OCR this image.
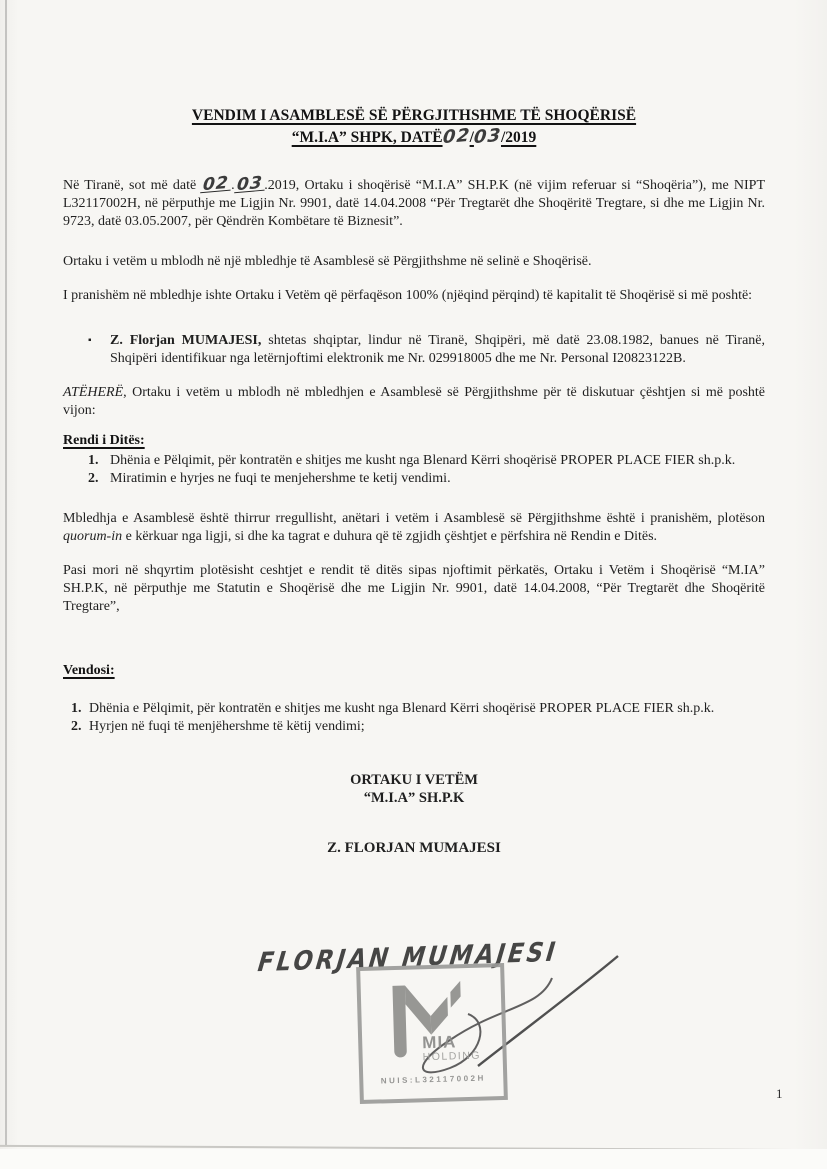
VENDIM I ASAMBLESË SË PËRGJITHSHME TË SHOQËRISË
“M.I.A” SHPK, DATË02/03/2019

Në Tiranë, sot më datë 02.03.2019, Ortaku i shoqërisë “M.I.A” SH.P.K (në vijim referuar si “Shoqëria”), me NIPT L32117002H, në përputhje me Ligjin Nr. 9901, datë 14.04.2008 “Për Tregtarët dhe Shoqëritë Tregtare, si dhe me Ligjin Nr. 9723, datë 03.05.2007, për Qëndrën Kombëtare të Biznesit”.

Ortaku i vetëm u mblodh në një mbledhje të Asamblesë së Përgjithshme në selinë e Shoqërisë.

I pranishëm në mbledhje ishte Ortaku i Vetëm që përfaqëson 100% (njëqind përqind) të kapitalit të Shoqërisë si më poshtë:

▪	Z. Florjan MUMAJESI, shtetas shqiptar, lindur në Tiranë, Shqipëri, më datë 23.08.1982, banues në Tiranë, Shqipëri identifikuar nga letërnjoftimi elektronik me Nr. 029918005 dhe me Nr. Personal I20823122B.

ATËHERË, Ortaku i vetëm u mblodh në mbledhjen e Asamblesë së Përgjithshme për të diskutuar çështjen si më poshtë vijon:

Rendi i Ditës:
1. Dhënia e Pëlqimit, për kontratën e shitjes me kusht nga Blenard Kërri shoqërisë PROPER PLACE FIER sh.p.k.
2. Miratimin e hyrjes ne fuqi te menjehershme te ketij vendimi.

Mbledhja e Asamblesë është thirrur rregullisht, anëtari i vetëm i Asamblesë së Përgjithshme është i pranishëm, plotëson quorum-in e kërkuar nga ligji, si dhe ka tagrat e duhura që të zgjidh çështjet e përfshira në Rendin e Ditës.

Pasi mori në shqyrtim plotësisht ceshtjet e rendit të ditës sipas njoftimit përkatës, Ortaku i Vetëm i Shoqërisë “M.IA” SH.P.K, në përputhje me Statutin e Shoqërisë dhe me Ligjin Nr. 9901, datë 14.04.2008, “Për Tregtarët dhe Shoqëritë Tregtare”,

Vendosi:
1. Dhënia e Pëlqimit, për kontratën e shitjes me kusht nga Blenard Kërri shoqërisë PROPER PLACE FIER sh.p.k.
2. Hyrjen në fuqi të menjëhershme të këtij vendimi;
ORTAKU I VETËM
“M.I.A” SH.P.K
Z. FLORJAN MUMAJESI
FLORJAN MUMAJESI
MIA
HOLDING
NUIS:L32117002H
1
